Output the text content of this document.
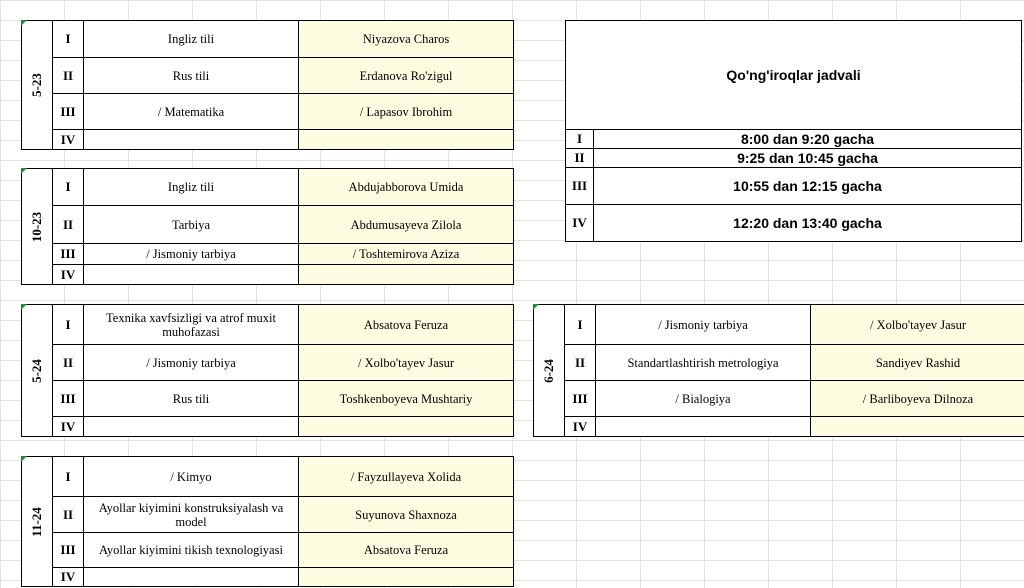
5-23
I	Ingliz tili	Niyazova Charos
II	Rus tili	Erdanova Ro'zigul
III	/ Matematika	/ Lapasov Ibrohim
IV
10-23
I	Ingliz tili	Abdujabborova Umida
II	Tarbiya	Abdumusayeva Zilola
III	/ Jismoniy tarbiya	/ Toshtemirova Aziza
IV
5-24
I	Texnika xavfsizligi va atrof muxit muhofazasi	Absatova Feruza
II	/ Jismoniy tarbiya	/ Xolbo'tayev Jasur
III	Rus tili	Toshkenboyeva Mushtariy
IV
11-24
I	/ Kimyo	/ Fayzullayeva Xolida
II	Ayollar kiyimini konstruksiyalash va model	Suyunova Shaxnoza
III	Ayollar kiyimini tikish texnologiyasi	Absatova Feruza
IV
6-24
I	/ Jismoniy tarbiya	/ Xolbo'tayev Jasur
II	Standartlashtirish metrologiya	Sandiyev Rashid
III	/ Bialogiya	/ Barliboyeva Dilnoza
IV
Qo'ng'iroqlar jadvali
I	8:00 dan 9:20 gacha
II	9:25 dan 10:45 gacha
III	10:55 dan 12:15 gacha
IV	12:20 dan 13:40 gacha
